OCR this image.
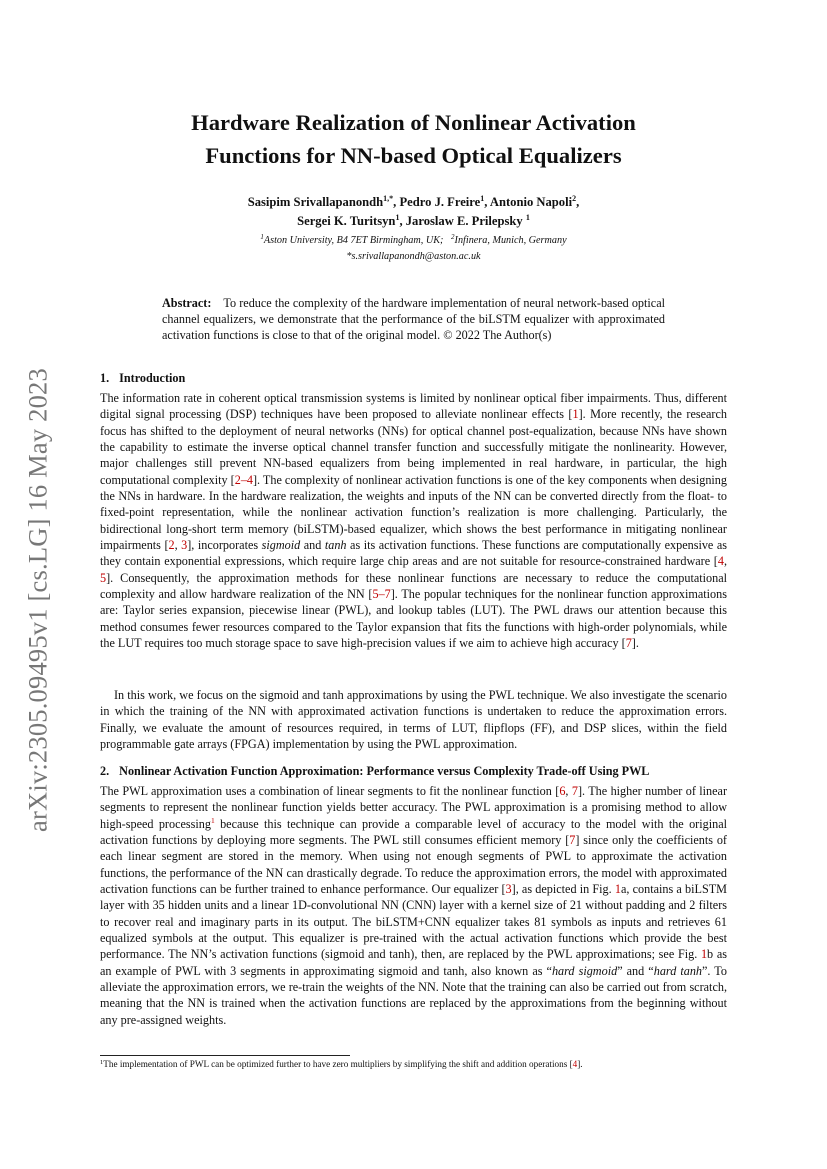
arXiv:2305.09495v1 [cs.LG] 16 May 2023
Hardware Realization of Nonlinear Activation
Functions for NN-based Optical Equalizers
Sasipim Srivallapanondh$^{1,*}$, Pedro J. Freire$^1$, Antonio Napoli$^2$,
Sergei K. Turitsyn$^1$, Jaroslaw E. Prilepsky $^1$
$^1$Aston University, B4 7ET Birmingham, UK; $^2$Infinera, Munich, Germany
*s.srivallapanondh@aston.ac.uk

Abstract: To reduce the complexity of the hardware implementation of neural network-based optical channel equalizers, we demonstrate that the performance of the biLSTM equalizer with approximated activation functions is close to that of the original model. © 2022 The Author(s)

1. Introduction

The information rate in coherent optical transmission systems is limited by nonlinear optical fiber impairments. Thus, different digital signal processing (DSP) techniques have been proposed to alleviate nonlinear effects [1]. More recently, the research focus has shifted to the deployment of neural networks (NNs) for optical channel post-equalization, because NNs have shown the capability to estimate the inverse optical channel transfer function and successfully mitigate the nonlinearity. However, major challenges still prevent NN-based equalizers from being implemented in real hardware, in particular, the high computational complexity [2–4]. The complexity of nonlinear activation functions is one of the key components when designing the NNs in hardware. In the hardware realization, the weights and inputs of the NN can be converted directly from the float- to fixed-point representation, while the nonlinear activation function’s realization is more challenging. Particularly, the bidirectional long-short term memory (biLSTM)-based equalizer, which shows the best performance in mitigating nonlinear impairments [2, 3], incorporates sigmoid and tanh as its activation functions. These functions are computationally expensive as they contain exponential expressions, which require large chip areas and are not suitable for resource-constrained hardware [4, 5]. Consequently, the approximation methods for these nonlinear functions are necessary to reduce the computational complexity and allow hardware realization of the NN [5–7]. The popular techniques for the nonlinear function approximations are: Taylor series expansion, piecewise linear (PWL), and lookup tables (LUT). The PWL draws our attention because this method consumes fewer resources compared to the Taylor expansion that fits the functions with high-order polynomials, while the LUT requires too much storage space to save high-precision values if we aim to achieve high accuracy [7].

In this work, we focus on the sigmoid and tanh approximations by using the PWL technique. We also investigate the scenario in which the training of the NN with approximated activation functions is undertaken to reduce the approximation errors. Finally, we evaluate the amount of resources required, in terms of LUT, flipflops (FF), and DSP slices, within the field programmable gate arrays (FPGA) implementation by using the PWL approximation.

2. Nonlinear Activation Function Approximation: Performance versus Complexity Trade-off Using PWL

The PWL approximation uses a combination of linear segments to fit the nonlinear function [6, 7]. The higher number of linear segments to represent the nonlinear function yields better accuracy. The PWL approximation is a promising method to allow high-speed processing$^1$ because this technique can provide a comparable level of accuracy to the model with the original activation functions by deploying more segments. The PWL still consumes efficient memory [7] since only the coefficients of each linear segment are stored in the memory. When using not enough segments of PWL to approximate the activation functions, the performance of the NN can drastically degrade. To reduce the approximation errors, the model with approximated activation functions can be further trained to enhance performance. Our equalizer [3], as depicted in Fig. 1a, contains a biLSTM layer with 35 hidden units and a linear 1D-convolutional NN (CNN) layer with a kernel size of 21 without padding and 2 filters to recover real and imaginary parts in its output. The biLSTM+CNN equalizer takes 81 symbols as inputs and retrieves 61 equalized symbols at the output. This equalizer is pre-trained with the actual activation functions which provide the best performance. The NN’s activation functions (sigmoid and tanh), then, are replaced by the PWL approximations; see Fig. 1b as an example of PWL with 3 segments in approximating sigmoid and tanh, also known as “hard sigmoid” and “hard tanh”. To alleviate the approximation errors, we re-train the weights of the NN. Note that the training can also be carried out from scratch, meaning that the NN is trained when the activation functions are replaced by the approximations from the beginning without any pre-assigned weights.

$^1$The implementation of PWL can be optimized further to have zero multipliers by simplifying the shift and addition operations [4].
